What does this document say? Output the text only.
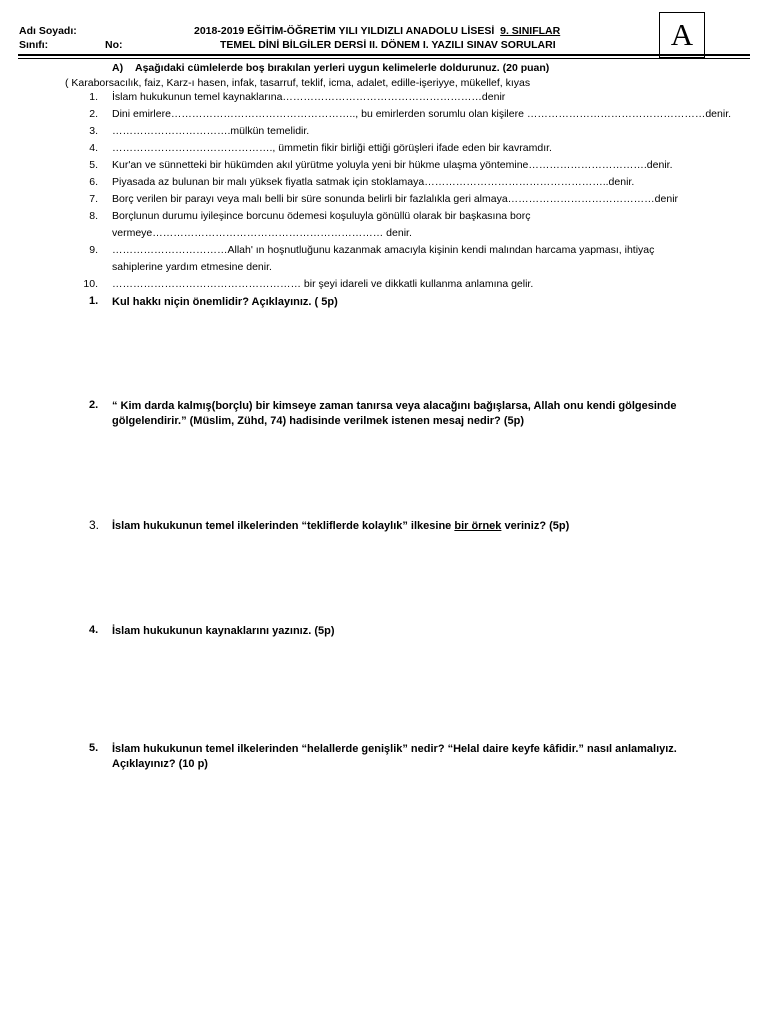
Adı Soyadı:
Sınıfı:	No:
2018-2019 EĞİTİM-ÖĞRETİM YILI YILDIZLI ANADOLU LİSESİ 9. SINIFLAR
TEMEL DİNİ BİLGİLER DERSİ II. DÖNEM I. YAZILI SINAV SORULARI	A
A) Aşağıdaki cümlelerde boş bırakılan yerleri uygun kelimelerle doldurunuz. (20 puan)
( Karaborsacılık, faiz, Karz-ı hasen, infak, tasarruf, teklif, icma, adalet, edille-işeriyye, mükellef, kıyas
1. İslam hukukunun temel kaynaklarına…………………………………………………denir
2. Dini emirlere…………………………………………….., bu emirlerden sorumlu olan kişilere ……………………………………………denir.
3. …………………………….mülkün temelidir.
4. ………………………………………., ümmetin fikir birliği ettiği görüşleri ifade eden bir kavramdır.
5. Kur'an ve sünnetteki bir hükümden akıl yürütme yoluyla yeni bir hükme ulaşma yöntemine…………………………….denir.
6. Piyasada az bulunan bir malı yüksek fiyatla satmak için stoklamaya……………………………………………..denir.
7. Borç verilen bir parayı veya malı belli bir süre sonunda belirli bir fazlalıkla geri almaya……………………………………denir
8. Borçlunun durumu iyileşince borcunu ödemesi koşuluyla gönüllü olarak bir başkasına borç
vermeye………………………………………………………… denir.
9. ……………………………Allah' ın hoşnutluğunu kazanmak amacıyla kişinin kendi malından harcama yapması, ihtiyaç
sahiplerine yardım etmesine denir.
10. ……………………………………………… bir şeyi idareli ve dikkatli kullanma anlamına gelir.
1. Kul hakkı niçin önemlidir? Açıklayınız. ( 5p)
2. “ Kim darda kalmış(borçlu) bir kimseye zaman tanırsa veya alacağını bağışlarsa, Allah onu kendi gölgesinde gölgelendirir.” (Müslim, Zühd, 74) hadisinde verilmek istenen mesaj nedir? (5p)
3. İslam hukukunun temel ilkelerinden “tekliflerde kolaylık” ilkesine bir örnek veriniz? (5p)
4. İslam hukukunun kaynaklarını yazınız. (5p)
5. İslam hukukunun temel ilkelerinden “helallerde genişlik” nedir? “Helal daire keyfe kâfidir.” nasıl anlamalıyız. Açıklayınız? (10 p)
